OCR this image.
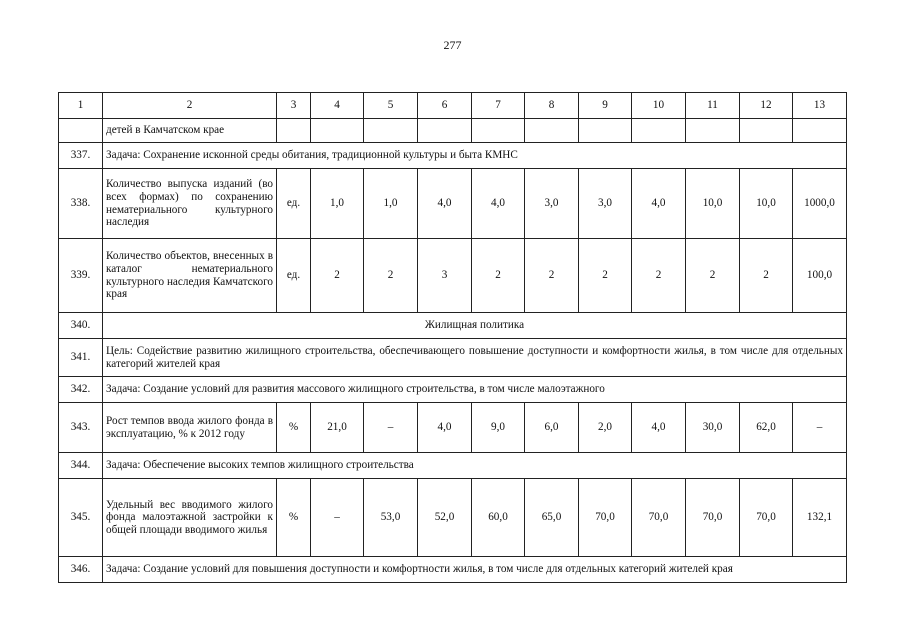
277
1	2	3	4	5	6	7	8	9	10	11	12	13
	детей в Камчатском крае											
337.	Задача: Сохранение исконной среды обитания, традиционной культуры и быта КМНС											
338.	Количество выпуска изданий (во всех формах) по сохранению нематериального культурного наследия	ед.	1,0	1,0	4,0	4,0	3,0	3,0	4,0	10,0	10,0	1000,0
339.	Количество объектов, внесенных в каталог нематериального культурного наследия Камчатского края	ед.	2	2	3	2	2	2	2	2	2	100,0
340.	Жилищная политика											
341.	Цель: Содействие развитию жилищного строительства, обеспечивающего повышение доступности и комфортности жилья, в том числе для отдельных категорий жителей края											
342.	Задача: Создание условий для развития массового жилищного строительства, в том числе малоэтажного											
343.	Рост темпов ввода жилого фонда в эксплуатацию, % к 2012 году	%	21,0	–	4,0	9,0	6,0	2,0	4,0	30,0	62,0	–
344.	Задача: Обеспечение высоких темпов жилищного строительства											
345.	Удельный вес вводимого жилого фонда малоэтажной застройки к общей площади вводимого жилья	%	–	53,0	52,0	60,0	65,0	70,0	70,0	70,0	70,0	132,1
346.	Задача: Создание условий для повышения доступности и комфортности жилья, в том числе для отдельных категорий жителей края											
